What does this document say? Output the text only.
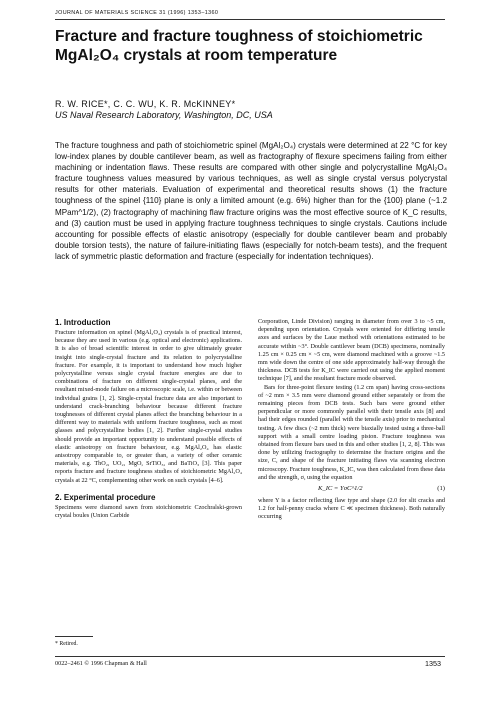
JOURNAL OF MATERIALS SCIENCE 31 (1996) 1353–1360
Fracture and fracture toughness of stoichiometric MgAl₂O₄ crystals at room temperature
R. W. RICE*, C. C. WU, K. R. McKINNEY*
US Naval Research Laboratory, Washington, DC, USA

The fracture toughness and path of stoichiometric spinel (MgAl₂O₄) crystals were determined at 22 °C for key low-index planes by double cantilever beam, as well as fractography of flexure specimens failing from either machining or indentation flaws. These results are compared with other single and polycrystalline MgAl₂O₄ fracture toughness values measured by various techniques, as well as single crystal versus polycrystal results for other materials. Evaluation of experimental and theoretical results shows (1) the fracture toughness of the spinel {110} plane is only a limited amount (e.g. 6%) higher than for the {100} plane (~1.2 MPam^1/2), (2) fractography of machining flaw fracture origins was the most effective source of K_C results, and (3) caution must be used in applying fracture toughness techniques to single crystals. Cautions include accounting for possible effects of elastic anisotropy (especially for double cantilever beam and probably double torsion tests), the nature of failure-initiating flaws (especially for notch-beam tests), and the frequent lack of symmetric plastic deformation and fracture (especially for indentation techniques).

1. Introduction

Fracture information on spinel (MgAl₂O₄) crystals is of practical interest, because they are used in various (e.g. optical and electronic) applications. It is also of broad scientific interest in order to give ultimately greater insight into single-crystal fracture and its relation to polycrystalline fracture. For example, it is important to understand how much higher polycrystalline versus single crystal fracture energies are due to combinations of fracture on different single-crystal planes, and the resultant mixed-mode failure on a microscopic scale, i.e. within or between individual grains [1, 2]. Single-crystal fracture data are also important to understand crack-branching behaviour because different fracture toughnesses of different crystal planes affect the branching behaviour in a different way to materials with uniform fracture toughness, such as most glasses and polycrystalline bodies [1, 2]. Further single-crystal studies should provide an important opportunity to understand possible effects of elastic anisotropy on fracture behaviour, e.g. MgAl₂O₄ has elastic anisotropy comparable to, or greater than, a variety of other ceramic materials, e.g. ThO₂, UO₂, MgO, SrTiO₃, and BaTiO₃ [3]. This paper reports fracture and fracture toughness studies of stoichiometric MgAl₂O₄ crystals at 22 °C, complementing other work on such crystals [4–6].

2. Experimental procedure

Specimens were diamond sawn from stoichiometric Czochralski-grown crystal boules (Union Carbide

Corporation, Linde Division) ranging in diameter from over 3 to ~5 cm, depending upon orientation. Crystals were oriented for differing tensile axes and surfaces by the Laue method with orientations estimated to be accurate within ~3°. Double cantilever beam (DCB) specimens, nominally 1.25 cm × 0.25 cm × ~5 cm, were diamond machined with a groove ~1.5 mm wide down the centre of one side approximately half-way through the thickness. DCB tests for K_IC were carried out using the applied moment technique [7], and the resultant fracture mode observed.

Bars for three-point flexure testing (1.2 cm span) having cross-sections of ~2 mm × 3.5 mm were diamond ground either separately or from the remaining pieces from DCB tests. Such bars were ground either perpendicular or more commonly parallel with their tensile axis [8] and had their edges rounded (parallel with the tensile axis) prior to mechanical testing. A few discs (~2 mm thick) were biaxially tested using a three-ball support with a small centre loading piston. Fracture toughness was obtained from flexure bars used in this and other studies [1, 2, 8]. This was done by utilizing fractography to determine the fracture origins and the size, C, and shape of the fracture initiating flaws via scanning electron microscopy. Fracture toughness, K_IC, was then calculated from these data and the strength, σ, using the equation

K_IC = YσC^1/2	(1)

where Y is a factor reflecting flaw type and shape (2.0 for slit cracks and 1.2 for half-penny cracks where C ≪ specimen thickness). Both naturally occurring

* Retired.
0022–2461 © 1996 Chapman & Hall	1353
